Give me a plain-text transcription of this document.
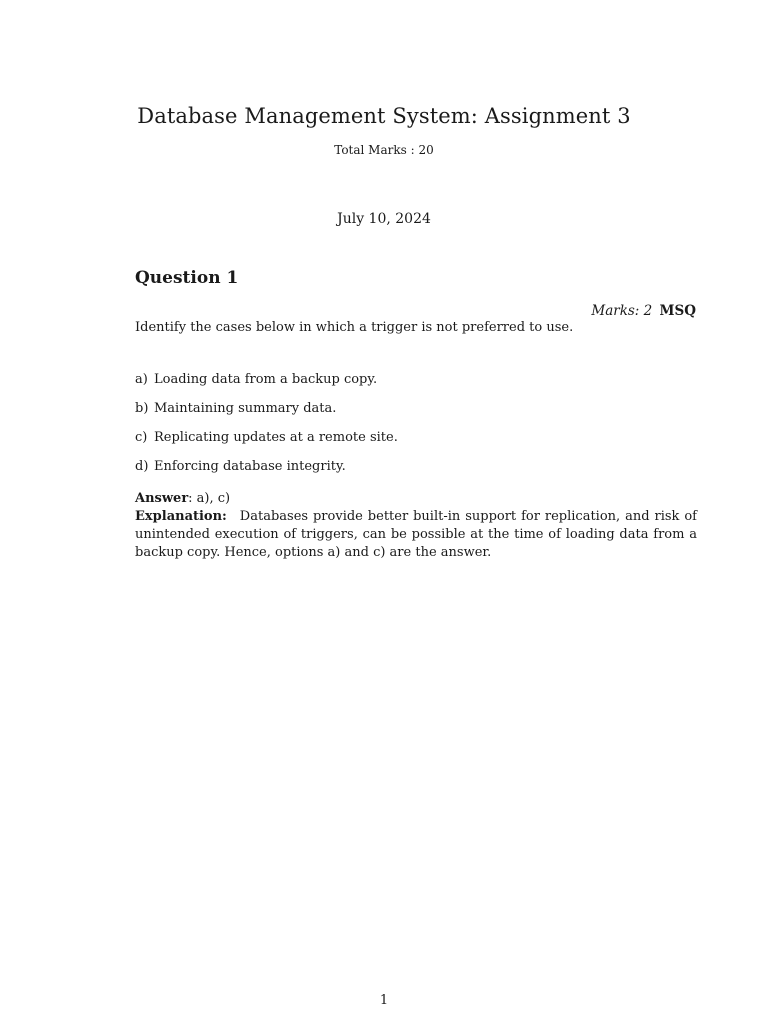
Database Management System: Assignment 3
Total Marks : 20
July 10, 2024
Question 1
Marks: 2 MSQ
Identify the cases below in which a trigger is not preferred to use.
a) Loading data from a backup copy.
b) Maintaining summary data.
c) Replicating updates at a remote site.
d) Enforcing database integrity.
Answer: a), c)
Explanation: Databases provide better built-in support for replication, and risk of unintended execution of triggers, can be possible at the time of loading data from a backup copy. Hence, options a) and c) are the answer.
1
